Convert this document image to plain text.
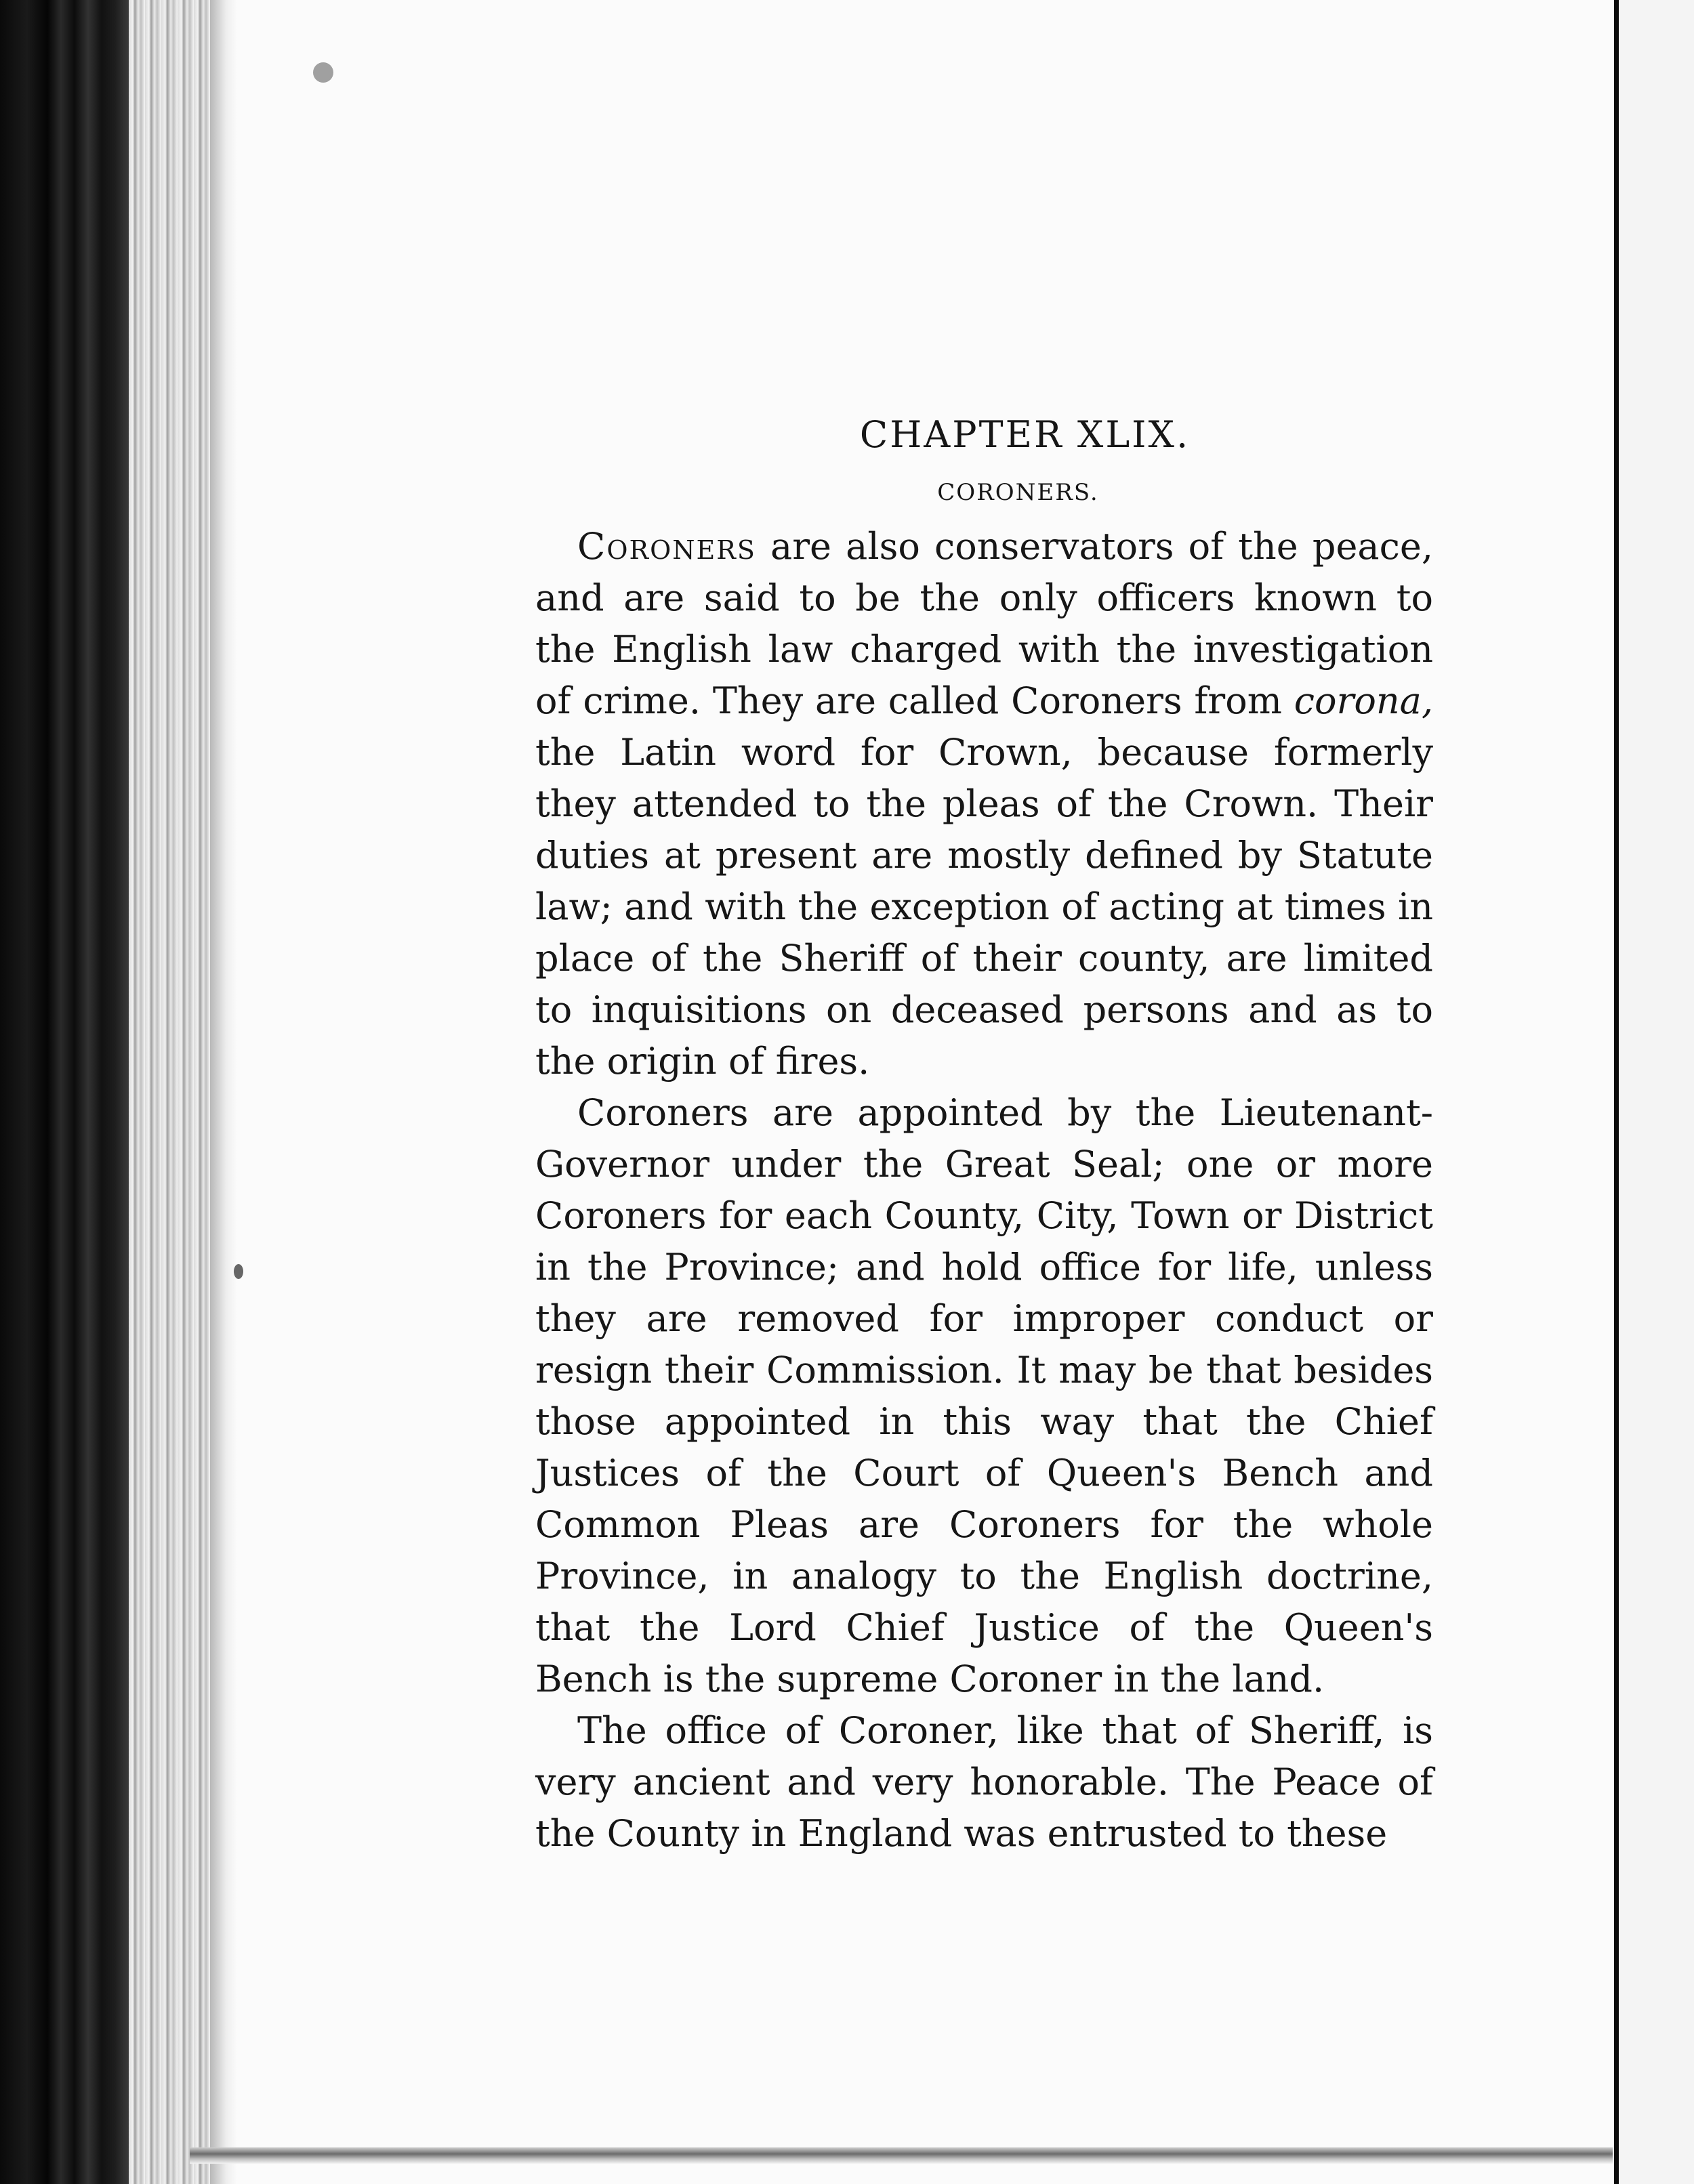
CHAPTER XLIX.
CORONERS.

Coroners are also conservators of the peace, and are said to be the only officers known to the English law charged with the investigation of crime. They are called Coroners from corona, the Latin word for Crown, because formerly they attended to the pleas of the Crown. Their duties at present are mostly defined by Statute law; and with the exception of acting at times in place of the Sheriff of their county, are limited to inquisitions on deceased persons and as to the origin of fires.

Coroners are appointed by the Lieutenant-Governor under the Great Seal; one or more Coroners for each County, City, Town or District in the Province; and hold office for life, unless they are removed for improper conduct or resign their Commission. It may be that besides those appointed in this way that the Chief Justices of the Court of Queen's Bench and Common Pleas are Coroners for the whole Province, in analogy to the English doctrine, that the Lord Chief Justice of the Queen's Bench is the supreme Coroner in the land.

The office of Coroner, like that of Sheriff, is very ancient and very honorable. The Peace of the County in England was entrusted to these
